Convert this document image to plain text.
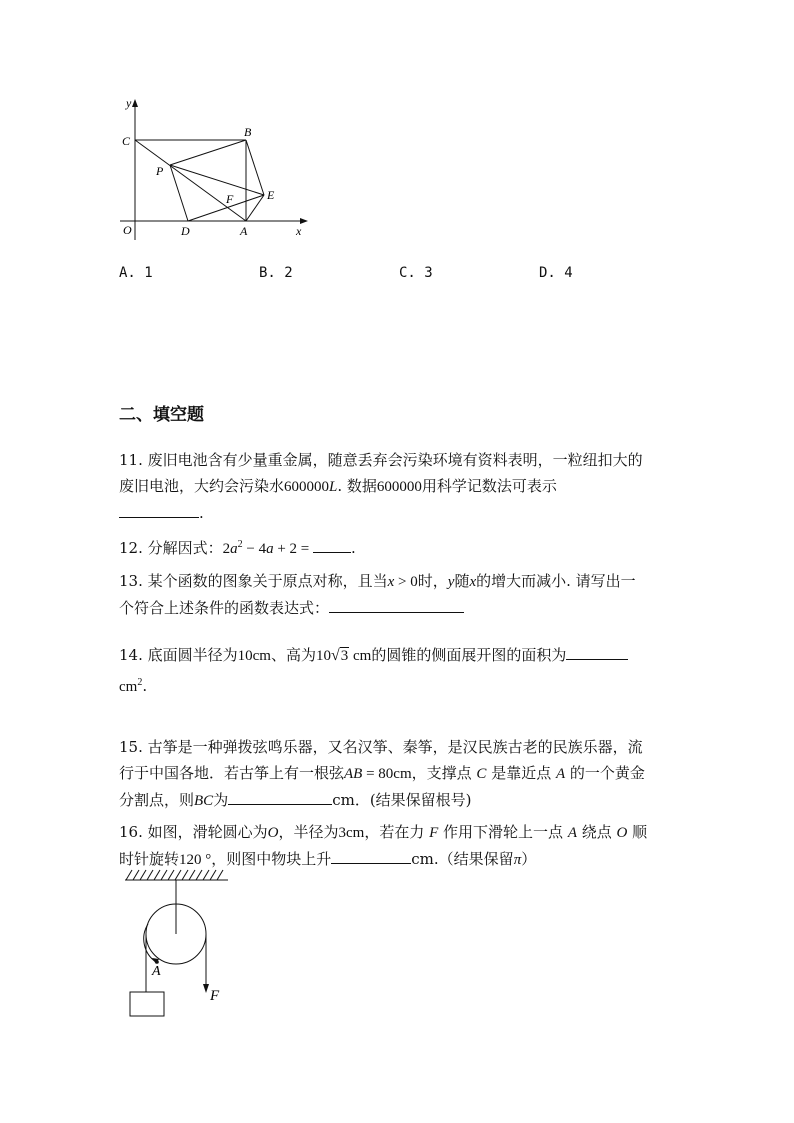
y
x
O
C
B
P
F	E
D	A
A. 1	B. 2	C. 3	D. 4
二、填空题
11. 废旧电池含有少量重金属，随意丢弃会污染环境有资料表明，一粒纽扣大的
废旧电池，大约会污染水600000L. 数据600000用科学记数法可表示
.
12. 分解因式：$2a^2 - 4a + 2$ =	.
13. 某个函数的图象关于原点对称，且当x > 0时，y随x的增大而减小. 请写出一
个符合上述条件的函数表达式：
14. 底面圆半径为10cm、高为10√3 cm的圆锥的侧面展开图的面积为
$cm^2$.
15. 古筝是一种弹拨弦鸣乐器，又名汉筝、秦筝，是汉民族古老的民族乐器，流
行于中国各地．若古筝上有一根弦AB = 80cm，支撑点 C 是靠近点 A 的一个黄金
分割点，则BC为	cm．(结果保留根号)
16. 如图，滑轮圆心为O，半径为3cm，若在力 F 作用下滑轮上一点 A 绕点 O 顺
时针旋转120 °，则图中物块上升	cm.（结果保留π）
A
F
